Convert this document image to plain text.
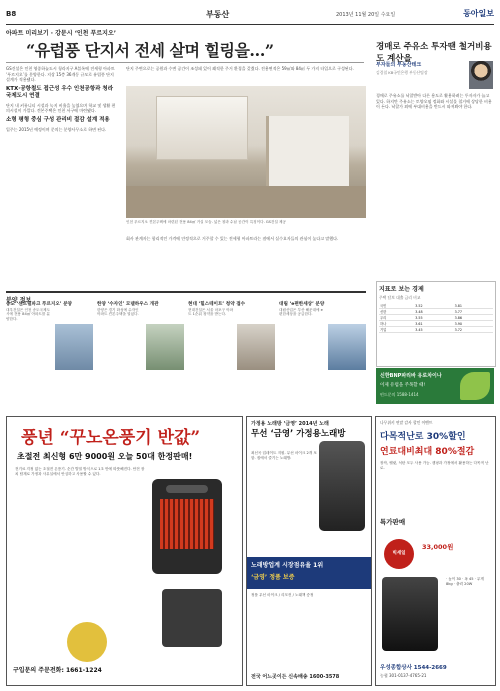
B8	부동산	2013년 11월 20일 수요일	동아일보
아파트 미리보기 · 강문시 ‘인천 푸르지오’
“유럽풍 단지서 전세 살며 힐링을…”

GS건설은 인천 영종하늘도시 청라지구 A블록에 전세형 아파트 ‘푸르지오’를 분양한다. 지상 15층 36개동 규모로 유럽풍 단지 설계가 적용됐다.

KTX·공항철도 접근성 우수 인천공항과 청라국제도시 연결

단지 내 커뮤니티 시설과 녹지 비율을 높였으며 학교 및 생활 편의시설이 가깝다. 견본주택은 인천 서구에 마련됐다.

소형 평형 중심 구성 관리비 절감 설계 적용

입주는 2015년 예정이며 문의는 분양사무소로 하면 된다.

단지 주변으로는 공원과 수변 공간이 조성돼 있어 쾌적한 주거 환경을 갖췄다. 전용면적은 59㎡와 84㎡ 두 가지 타입으로 구성된다.

인천 푸르지오 견본주택에 마련된 전용 84㎡ 거실 모습. 넓은 창과 수납 공간이 특징이다. GS건설 제공

회사 관계자는 합리적인 가격에 안정적으로 거주할 수 있는 전세형 아파트라는 점에서 실수요자들의 관심이 높다고 말했다.

경매로 주유소 투자땐 철거비용도 계산을
부자들의 부동산테크
김경철 KB국민은행 부동산팀장
경매로 주유소를 낙찰받아 다른 용도로 활용하려는 투자자가 늘고 있다. 하지만 주유소는 토양오염 정화와 시설물 철거에 상당한 비용이 든다. 낙찰가 외에 부대비용을 반드시 따져봐야 한다.
지표로 보는 경제
주택 담보 대출 금리 비교
국민	3.52	3.81
신한	3.48	3.77
우리	3.55	3.86
하나	3.61	3.90
기업	3.45	3.72
신한BNP파리바 유로차이나
이제 유럽을 주목할 때!
펀드문의 1588-1414
분양 정보
송도 ‘센트럴파크 푸르지오’ 분양
대우건설은 인천 송도국제도시에 전용 84㎡ 아파트를 분양한다.
한양 ‘수자인’ 모델하우스 개관
한양은 경기 화성에 수자인 아파트 견본주택을 열었다.
현대 ‘힐스테이트’ 청약 접수
현대건설은 서울 마포구 아파트 1순위 청약을 받는다.
대림 ‘e편한세상’ 분양
대림산업은 부산 해운대에 e편한세상을 공급한다.
풍년 “꾸노온풍기 반값”
초절전 최신형 6만 9000원 오늘 50대 한정판매!
전기료 걱정 없는 초절전 온풍기. 순간 발열 방식으로 1초 만에 따뜻해진다. 안전 장치 탑재로 가정과 사무실에서 안심하고 사용할 수 있다.
구입문의 주문전화: 1661-1224
가정용 노래방 ‘금영’ 2014년 노래
무선 ‘금영’ 가정용노래방
최신곡 업데이트 지원. 무선 마이크 2개 포함. 집에서 즐기는 노래방.
노래방업계 시장점유율 1위
‘금영’ 정품 보증
정품 무선 마이크 / 리모컨 / 노래책 증정
전국 어느곳이든 신속배송 1600-3578
나무위키 연말 감사 할인 이벤트
다목적난로 30%할인
연료대비최대 80%절감
장작, 펠릿, 석탄 모두 사용 가능. 캠핑과 가정에서 활용하는 다목적 난로.
특가판매
빅세일
33,000원
· 높이 30 · 폭 45 · 무게 8kg · 출력 20W
우성종합상사 1544-2669
농협 301-0137-4765-21
